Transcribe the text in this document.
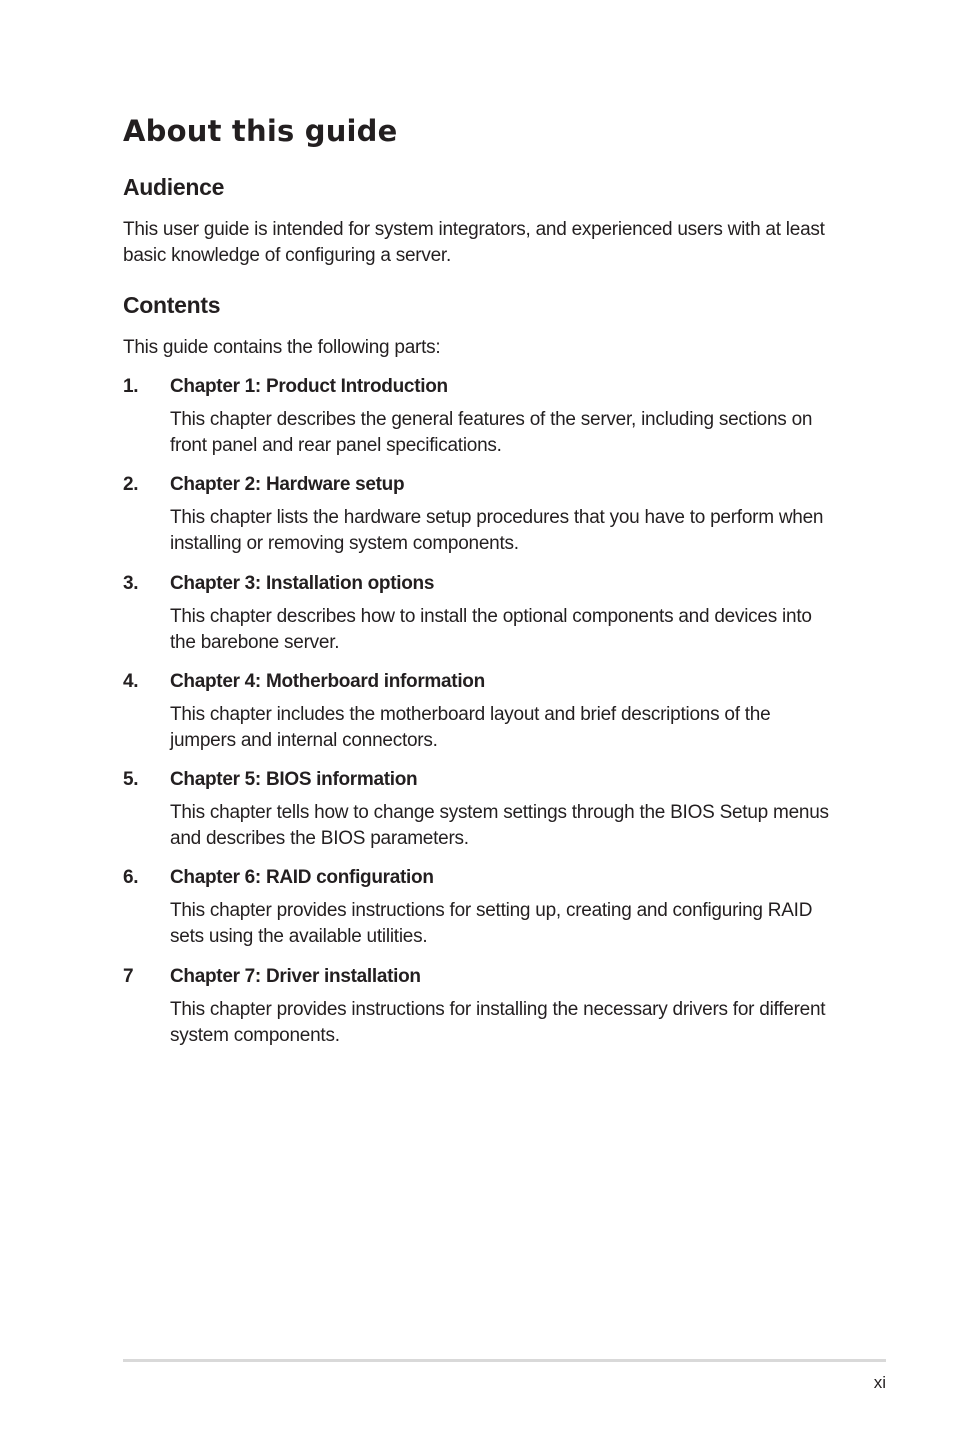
About this guide
Audience

This user guide is intended for system integrators, and experienced users with at least basic knowledge of configuring a server.

Contents

This guide contains the following parts:

1. Chapter 1: Product Introduction

This chapter describes the general features of the server, including sections on front panel and rear panel specifications.

2. Chapter 2: Hardware setup

This chapter lists the hardware setup procedures that you have to perform when installing or removing system components.

3. Chapter 3: Installation options

This chapter describes how to install the optional components and devices into the barebone server.

4. Chapter 4: Motherboard information

This chapter includes the motherboard layout and brief descriptions of the jumpers and internal connectors.

5. Chapter 5: BIOS information

This chapter tells how to change system settings through the BIOS Setup menus and describes the BIOS parameters.

6. Chapter 6: RAID configuration

This chapter provides instructions for setting up, creating and configuring RAID sets using the available utilities.

7 Chapter 7: Driver installation

This chapter provides instructions for installing the necessary drivers for different system components.

xi
